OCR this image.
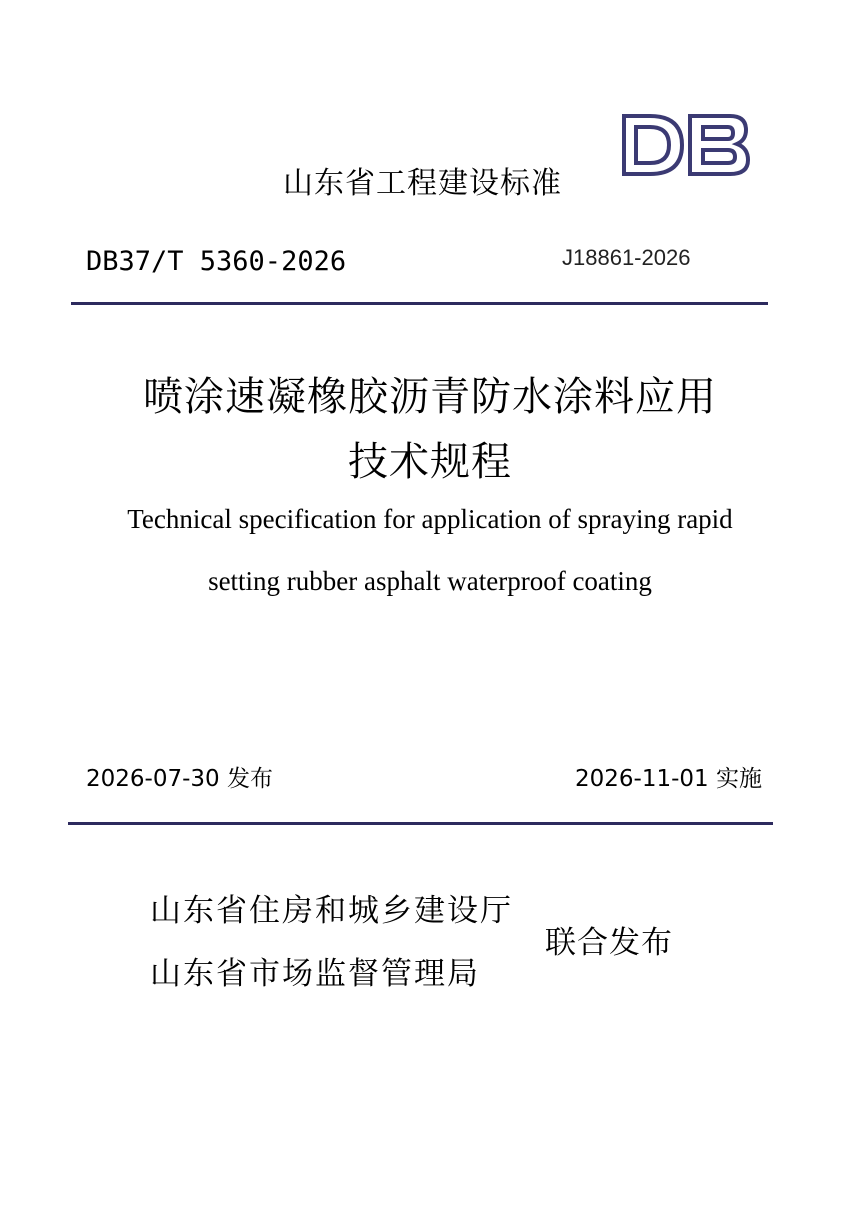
山东省工程建设标准
DB37/T 5360-2026	J18861-2026
喷涂速凝橡胶沥青防水涂料应用
技术规程
Technical specification for application of spraying rapid
setting rubber asphalt waterproof coating
2026-07-30 发布	2026-11-01 实施
山东省住房和城乡建设厅
山东省市场监督管理局
联合发布
